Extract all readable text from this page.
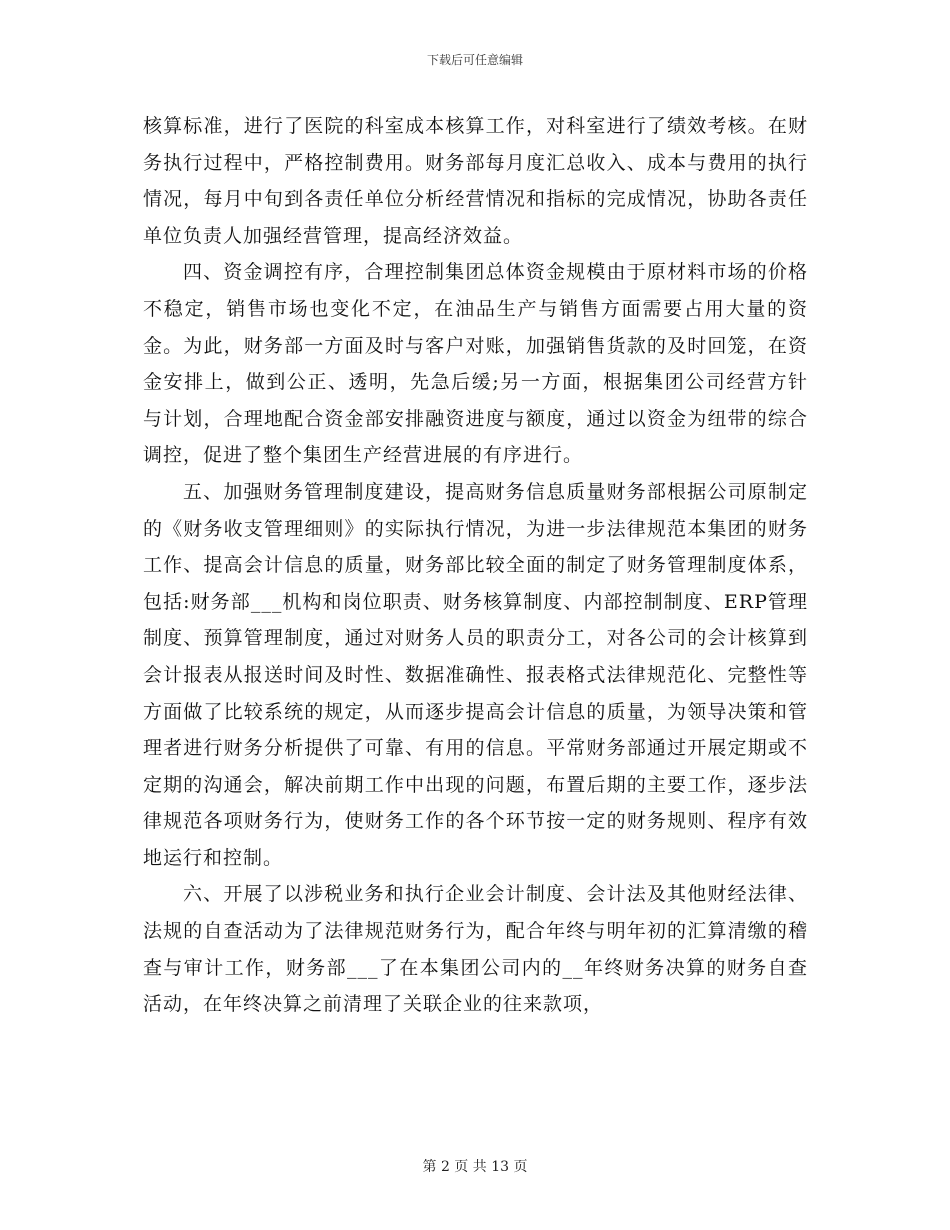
下载后可任意编辑

核算标准，进行了医院的科室成本核算工作，对科室进行了绩效考核。在财务执行过程中，严格控制费用。财务部每月度汇总收入、成本与费用的执行情况，每月中旬到各责任单位分析经营情况和指标的完成情况，协助各责任单位负责人加强经营管理，提高经济效益。

四、资金调控有序，合理控制集团总体资金规模由于原材料市场的价格不稳定，销售市场也变化不定，在油品生产与销售方面需要占用大量的资金。为此，财务部一方面及时与客户对账，加强销售货款的及时回笼，在资金安排上，做到公正、透明，先急后缓;另一方面，根据集团公司经营方针与计划，合理地配合资金部安排融资进度与额度，通过以资金为纽带的综合调控，促进了整个集团生产经营进展的有序进行。

五、加强财务管理制度建设，提高财务信息质量财务部根据公司原制定的《财务收支管理细则》的实际执行情况，为进一步法律规范本集团的财务工作、提高会计信息的质量，财务部比较全面的制定了财务管理制度体系，包括:财务部___机构和岗位职责、财务核算制度、内部控制制度、ERP管理制度、预算管理制度，通过对财务人员的职责分工，对各公司的会计核算到会计报表从报送时间及时性、数据准确性、报表格式法律规范化、完整性等方面做了比较系统的规定，从而逐步提高会计信息的质量，为领导决策和管理者进行财务分析提供了可靠、有用的信息。平常财务部通过开展定期或不定期的沟通会，解决前期工作中出现的问题，布置后期的主要工作，逐步法律规范各项财务行为，使财务工作的各个环节按一定的财务规则、程序有效地运行和控制。

六、开展了以涉税业务和执行企业会计制度、会计法及其他财经法律、法规的自查活动为了法律规范财务行为，配合年终与明年初的汇算清缴的稽查与审计工作，财务部___了在本集团公司内的__年终财务决算的财务自查活动，在年终决算之前清理了关联企业的往来款项，

第 2 页 共 13 页
